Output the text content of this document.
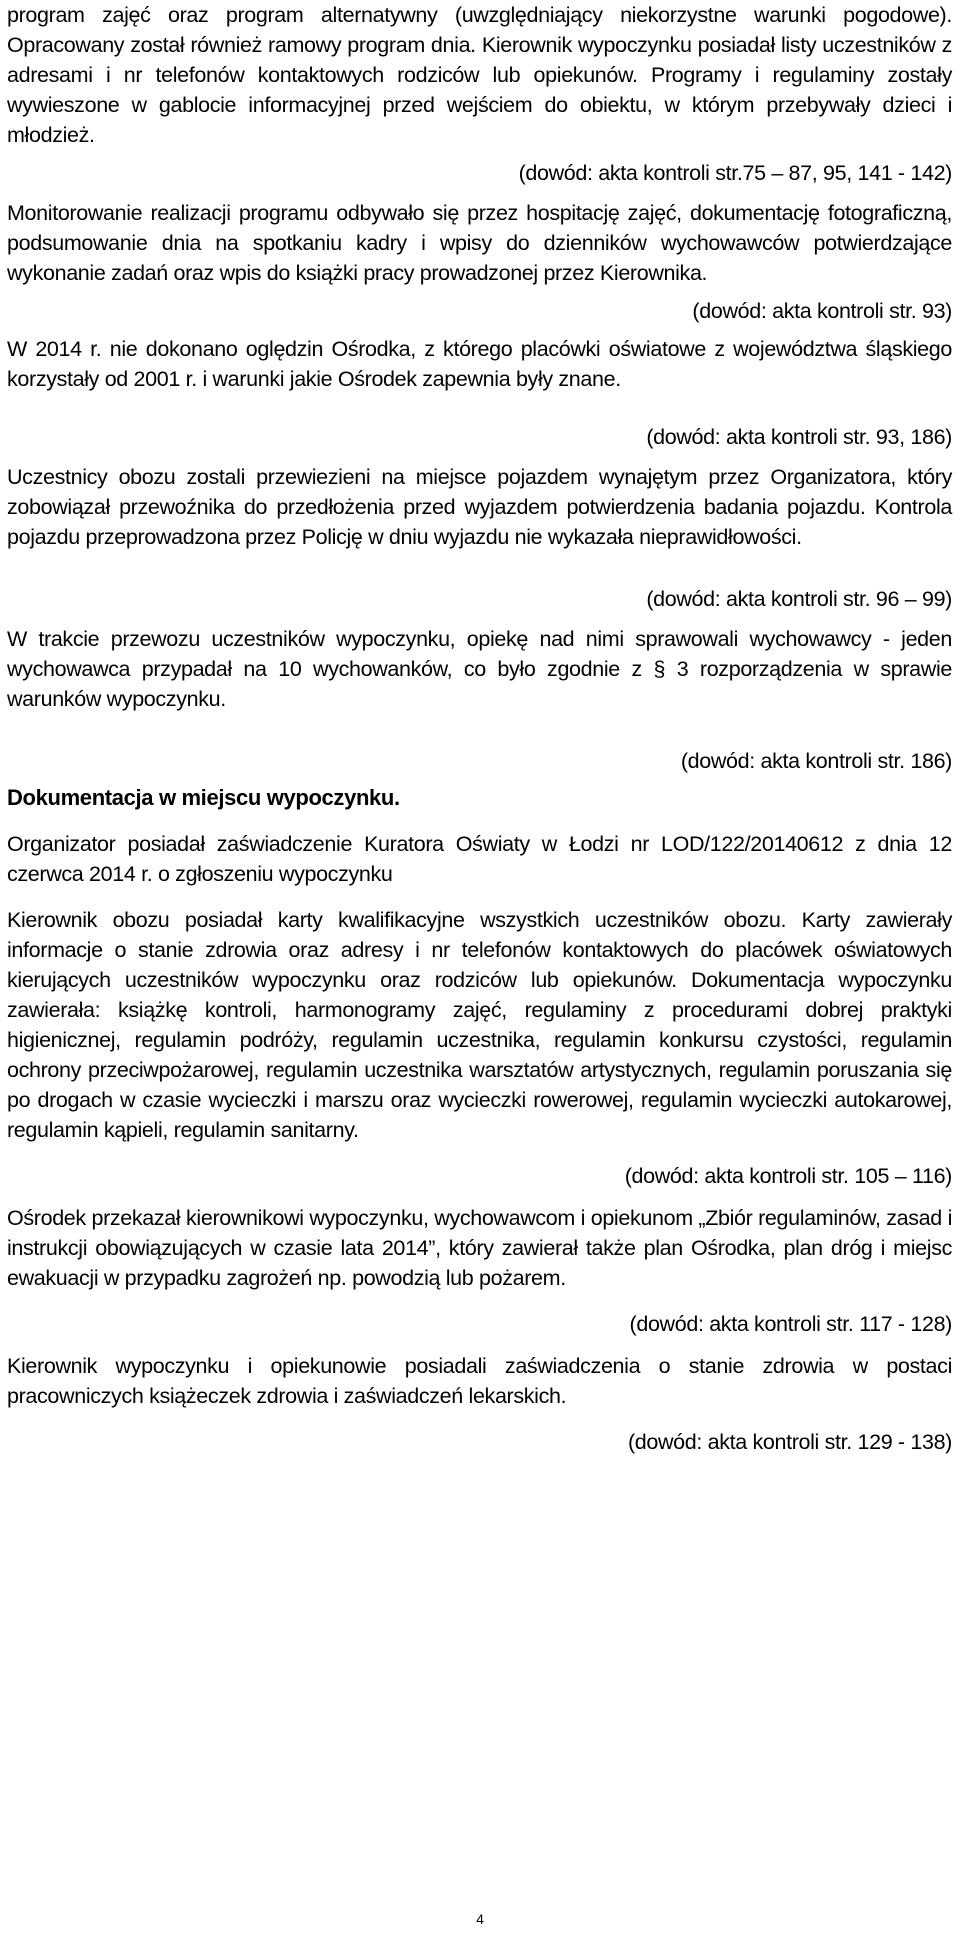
program zajęć oraz program alternatywny (uwzględniający niekorzystne warunki pogodowe). Opracowany został również ramowy program dnia. Kierownik wypoczynku posiadał listy uczestników z adresami i nr telefonów kontaktowych rodziców lub opiekunów. Programy i regulaminy zostały wywieszone w gablocie informacyjnej przed wejściem do obiektu, w którym przebywały dzieci i młodzież.

(dowód: akta kontroli str.75 – 87, 95, 141 - 142)

Monitorowanie realizacji programu odbywało się przez hospitację zajęć, dokumentację fotograficzną, podsumowanie dnia na spotkaniu kadry i wpisy do dzienników wychowawców potwierdzające wykonanie zadań oraz wpis do książki pracy prowadzonej przez Kierownika.

(dowód: akta kontroli str. 93)

W 2014 r. nie dokonano oględzin Ośrodka, z którego placówki oświatowe z województwa śląskiego korzystały od 2001 r. i warunki jakie Ośrodek zapewnia były znane.

(dowód: akta kontroli str. 93, 186)

Uczestnicy obozu zostali przewiezieni na miejsce pojazdem wynajętym przez Organizatora, który zobowiązał przewoźnika do przedłożenia przed wyjazdem potwierdzenia badania pojazdu. Kontrola pojazdu przeprowadzona przez Policję w dniu wyjazdu nie wykazała nieprawidłowości.

(dowód: akta kontroli str. 96 – 99)

W trakcie przewozu uczestników wypoczynku, opiekę nad nimi sprawowali wychowawcy - jeden wychowawca przypadał na 10 wychowanków, co było zgodnie z § 3 rozporządzenia w sprawie warunków wypoczynku.

(dowód: akta kontroli str. 186)

Dokumentacja w miejscu wypoczynku.

Organizator posiadał zaświadczenie Kuratora Oświaty w Łodzi nr LOD/122/20140612 z dnia 12 czerwca 2014 r. o zgłoszeniu wypoczynku

Kierownik obozu posiadał karty kwalifikacyjne wszystkich uczestników obozu. Karty zawierały informacje o stanie zdrowia oraz adresy i nr telefonów kontaktowych do placówek oświatowych kierujących uczestników wypoczynku oraz rodziców lub opiekunów. Dokumentacja wypoczynku zawierała: książkę kontroli, harmonogramy zajęć, regulaminy z procedurami dobrej praktyki higienicznej, regulamin podróży, regulamin uczestnika, regulamin konkursu czystości, regulamin ochrony przeciwpożarowej, regulamin uczestnika warsztatów artystycznych, regulamin poruszania się po drogach w czasie wycieczki i marszu oraz wycieczki rowerowej, regulamin wycieczki autokarowej, regulamin kąpieli, regulamin sanitarny.

(dowód: akta kontroli str. 105 – 116)

Ośrodek przekazał kierownikowi wypoczynku, wychowawcom i opiekunom „Zbiór regulaminów, zasad i instrukcji obowiązujących w czasie lata 2014”, który zawierał także plan Ośrodka, plan dróg i miejsc ewakuacji w przypadku zagrożeń np. powodzią lub pożarem.

(dowód: akta kontroli str. 117 - 128)

Kierownik wypoczynku i opiekunowie posiadali zaświadczenia o stanie zdrowia w postaci pracowniczych książeczek zdrowia i zaświadczeń lekarskich.

(dowód: akta kontroli str. 129 - 138)

4
